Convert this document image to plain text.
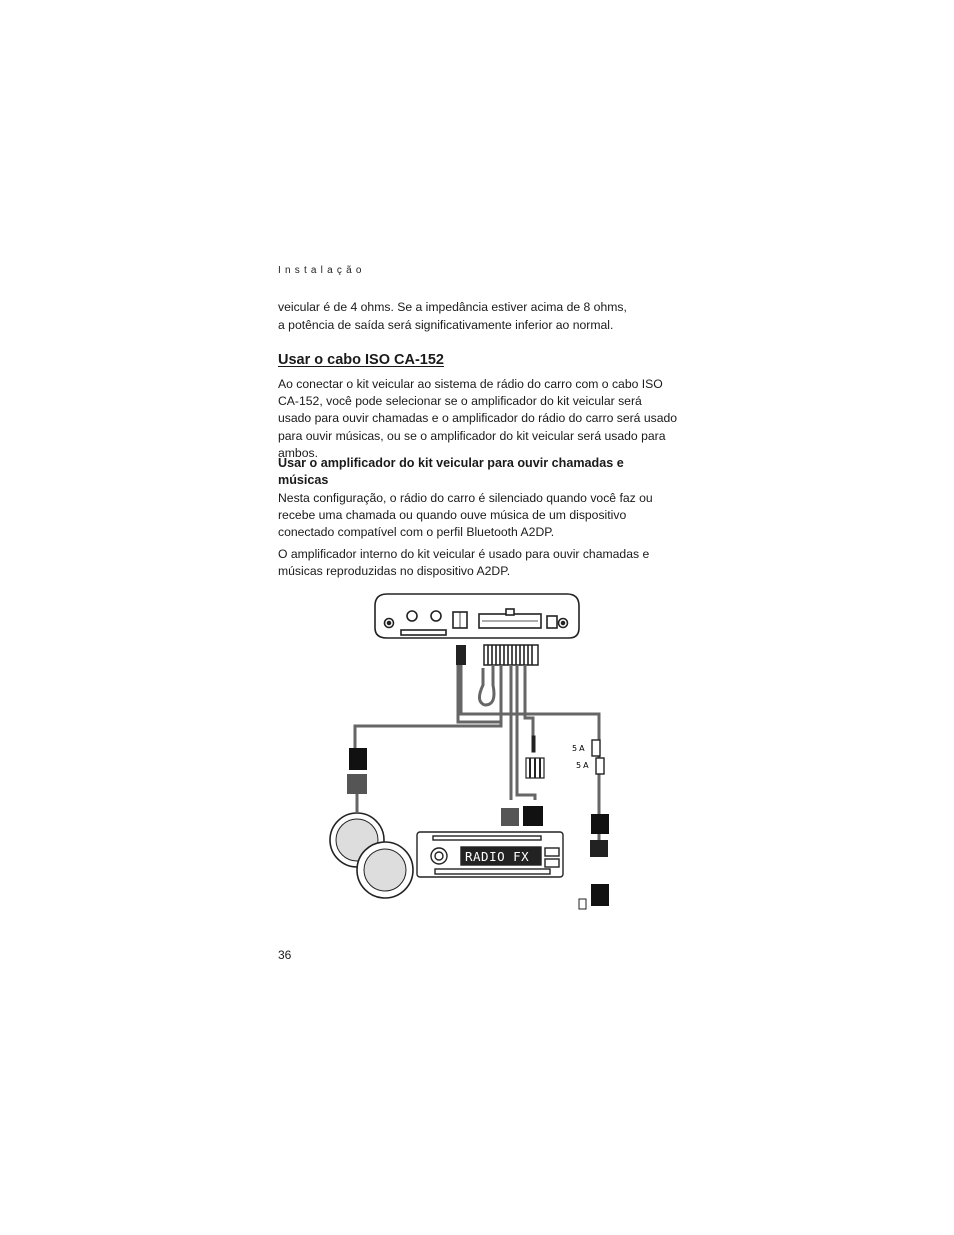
Instalação
veicular é de 4 ohms. Se a impedância estiver acima de 8 ohms,
a potência de saída será significativamente inferior ao normal.
Usar o cabo ISO CA-152
Ao conectar o kit veicular ao sistema de rádio do carro com o cabo ISO CA-152, você pode selecionar se o amplificador do kit veicular será usado para ouvir chamadas e o amplificador do rádio do carro será usado para ouvir músicas, ou se o amplificador do kit veicular será usado para ambos.
Usar o amplificador do kit veicular para ouvir chamadas e músicas
Nesta configuração, o rádio do carro é silenciado quando você faz ou recebe uma chamada ou quando ouve música de um dispositivo conectado compatível com o perfil Bluetooth A2DP.
O amplificador interno do kit veicular é usado para ouvir chamadas e músicas reproduzidas no dispositivo A2DP.
5A
5A
RADIO FX
36
